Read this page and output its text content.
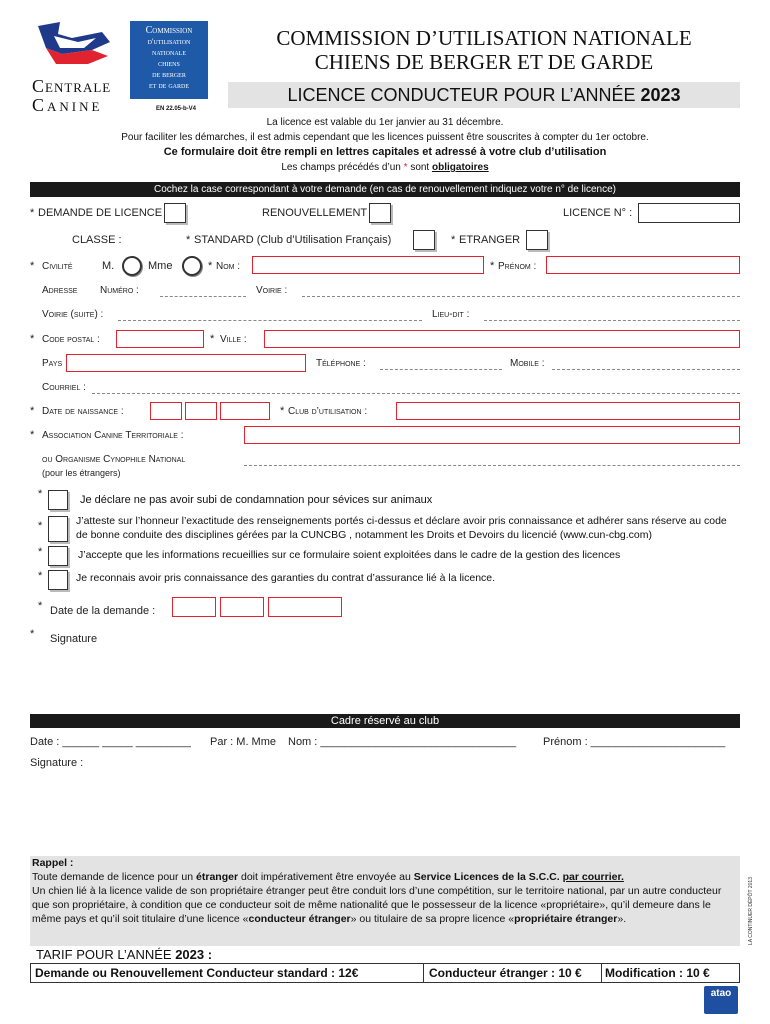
Centrale
Canine
Commission
d'utilisation
nationale
chiens
de berger
et de garde
COMMISSION D’UTILISATION NATIONALE
CHIENS DE BERGER ET DE GARDE
LICENCE CONDUCTEUR POUR L’ANNÉE 2023
EN 22.05-b-V4
La licence est valable du 1er janvier au 31 décembre.
Pour faciliter les démarches, il est admis cependant que les licences puissent être souscrites à compter du 1er octobre.
Ce formulaire doit être rempli en lettres capitales et adressé à votre club d’utilisation
Les champs précédés d’un * sont obligatoires
Cochez la case correspondant à votre demande (en cas de renouvellement indiquez votre n° de licence)
* DEMANDE DE LICENCE	RENOUVELLEMENT	LICENCE N° :
CLASSE :	* STANDARD (Club d’Utilisation Français)	* ETRANGER
* Civilité	M.	Mme	* Nom :	* Prénom :
Adresse Numéro :	Voirie :
Voirie (suite) :	Lieu-dit :
* Code postal :	* Ville :
Pays	Téléphone :	Mobile :
Courriel :
* Date de naissance :	* Club d’utilisation :
* Association Canine Territoriale :
ou Organisme Cynophile National
(pour les étrangers)
*	Je déclare ne pas avoir subi de condamnation pour sévices sur animaux
*	J’atteste sur l’honneur l’exactitude des renseignements portés ci-dessus et déclare avoir pris connaissance et adhérer sans réserve au code de bonne conduite des disciplines gérées par la CUNCBG , notamment les Droits et Devoirs du licencié (www.cun-cbg.com)
*	J’accepte que les informations recueillies sur ce formulaire soient exploitées dans le cadre de la gestion des licences
*	Je reconnais avoir pris connaissance des garanties du contrat d’assurance lié à la licence.
* Date de la demande :
* Signature
Cadre réservé au club
Date : ______ _____ _________ Par : M. Mme Nom : ________________________________ Prénom : ______________________
Signature :
Rappel :
Toute demande de licence pour un étranger doit impérativement être envoyée au Service Licences de la S.C.C. par courrier.
Un chien lié à la licence valide de son propriétaire étranger peut être conduit lors d’une compétition, sur le territoire national, par un autre conducteur que son propriétaire, à condition que ce conducteur soit de même nationalité que le possesseur de la licence «propriétaire», qu’il demeure dans le même pays et qu’il soit titulaire d’une licence «conducteur étranger» ou titulaire de sa propre licence «propriétaire étranger».
TARIF POUR L’ANNÉE 2023 :
Demande ou Renouvellement Conducteur standard : 12€	Conducteur étranger : 10 € Modification : 10 €
LA CONTINUER DÉPÔT 2013
atao
